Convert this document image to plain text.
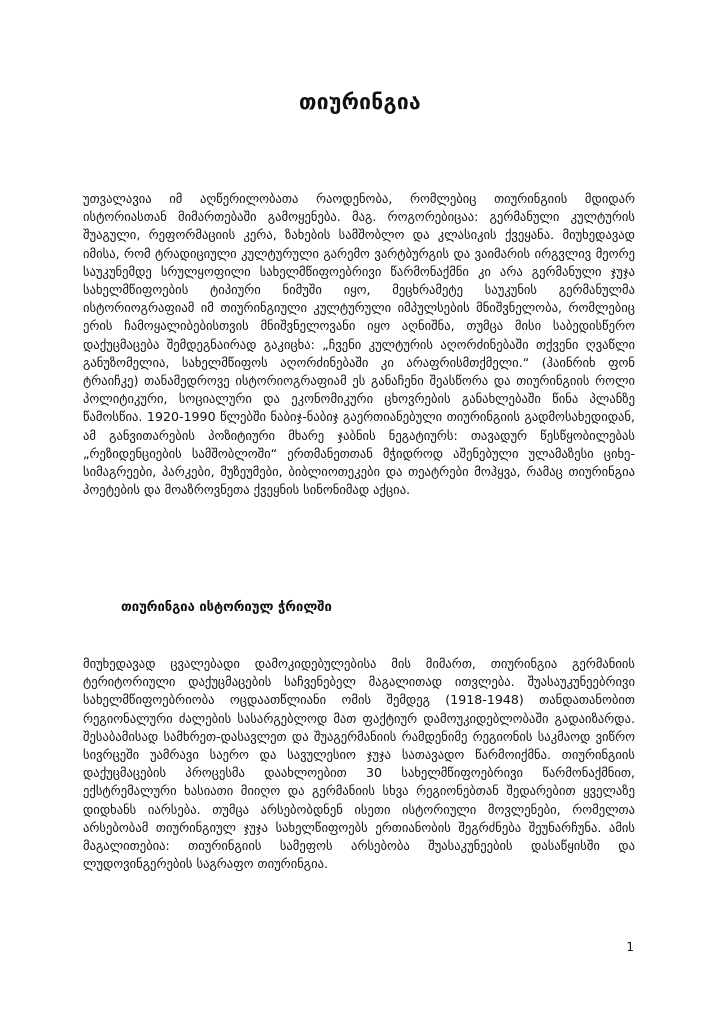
თიურინგია

უთვალავია იმ აღწერილობათა რაოდენობა, რომლებიც თიურინგიის მდიდარ ისტორიასთან მიმართებაში გამოყენება. მაგ. როგორებიცაა: გერმანული კულტურის შუაგული, რეფორმაციის კერა, ზახების სამშობლო და კლასიკის ქვეყანა. მიუხედავად იმისა, რომ ტრადიციული კულტურული გარემო ვარტბურგის და ვაიმარის ირგვლივ მეორე საუკუნემდე სრულყოფილი სახელმწიფოებრივი წარმონაქმნი კი არა გერმანული ჯუჯა სახელმწიფოების ტიპიური ნიმუში იყო, მეცხრამეტე საუკუნის გერმანულმა ისტორიოგრაფიამ იმ თიურინგიული კულტურული იმპულსების მნიშვნელობა, რომლებიც ერის ჩამოყალიბებისთვის მნიშვნელოვანი იყო აღნიშნა, თუმცა მისი საბედისწერო დაქუცმაცება შემდეგნაირად გაკიცხა: „ჩვენი კულტურის აღორძინებაში თქვენი ღვაწლი განუზომელია, სახელმწიფოს აღორძინებაში კი არაფრისმთქმელი.“ (ჰაინრიხ ფონ ტრაიჩკე) თანამედროვე ისტორიოგრაფიამ ეს განაჩენი შეასწორა და თიურინგიის როლი პოლიტიკური, სოციალური და ეკონომიკური ცხოვრების განახლებაში წინა პლანზე წამოსწია. 1920-1990 წლებში ნაბიჯ-ნაბიჯ გაერთიანებული თიურინგიის გადმოსახედიდან, ამ განვითარების პოზიტიური მხარე ჯაბნის ნეგატიურს: თავადურ წესწყობილებას „რეზიდენციების სამშობლოში“ ერთმანეთთან მჭიდროდ აშენებული ულამაზესი ციხე-სიმაგრეები, პარკები, მუზეუმები, ბიბლიოთეკები და თეატრები მოჰყვა, რამაც თიურინგია პოეტების და მოაზროვნეთა ქვეყნის სინონიმად აქცია.

თიურინგია ისტორიულ ჭრილში

მიუხედავად ცვალებადი დამოკიდებულებისა მის მიმართ, თიურინგია გერმანიის ტერიტორიული დაქუცმაცების საჩვენებელ მაგალითად ითვლება. შუასაუკუნეებრივი სახელმწიფოებრიობა ოცდაათწლიანი ომის შემდეგ (1918-1948) თანდათანობით რეგიონალური ძალების სასარგებლოდ მათ ფაქტიურ დამოუკიდებლობაში გადაიზარდა. შესაბამისად სამხრეთ-დასავლეთ და შუაგერმანიის რამდენიმე რეგიონის საკმაოდ ვიწრო სივრცეში უამრავი საერო და სავულესიო ჯუჯა სათავადო წარმოიქმნა. თიურინგიის დაქუცმაცების პროცესმა დაახლოებით 30 სახელმწიფოებრივი წარმონაქმნით, ექსტრემალური ხასიათი მიიღო და გერმანიის სხვა რეგიონებთან შედარებით ყველაზე დიდხანს იარსება. თუმცა არსებობდნენ ისეთი ისტორიული მოვლენები, რომელთა არსებობამ თიურინგიულ ჯუჯა სახელწიფოებს ერთიანობის შეგრძნება შეუნარჩუნა. ამის მაგალითებია: თიურინგიის სამეფოს არსებობა შუასაკუნეების დასაწყისში და ლუდოვინგერების საგრაფო თიურინგია.

1
